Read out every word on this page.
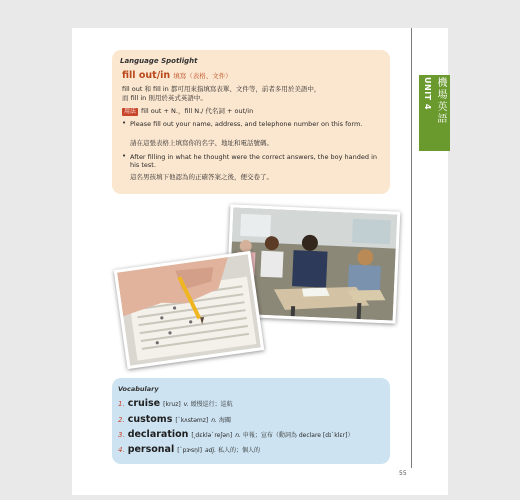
UNIT 4 機場英語
Language Spotlight
fill out/in 填寫（表格、文件）
fill out 和 fill in 都可用來指填寫表單、文件等，前者多用於美語中，
而 fill in 則用於英式英語中。
用法 fill out + N.，fill N./ 代名詞 + out/in
• Please fill out your name, address, and telephone number on this form.
請在這張表格上填寫你的名字、地址和電話號碼。
• After filling in what he thought were the correct answers, the boy handed in his test.
這名男孩填下他認為的正確答案之後，便交卷了。
Vocabulary
1. cruise [kruz] v. 緩慢巡行；巡航
2. customs [ˋkʌstəmz] n. 海關
3. declaration [͵dɛkləˋreʃən] n. 申報；宣布（動詞為 declare [dɪˋklɛr]）
4. personal [ˋpɝsn̩l] adj. 私人的；個人的
55
